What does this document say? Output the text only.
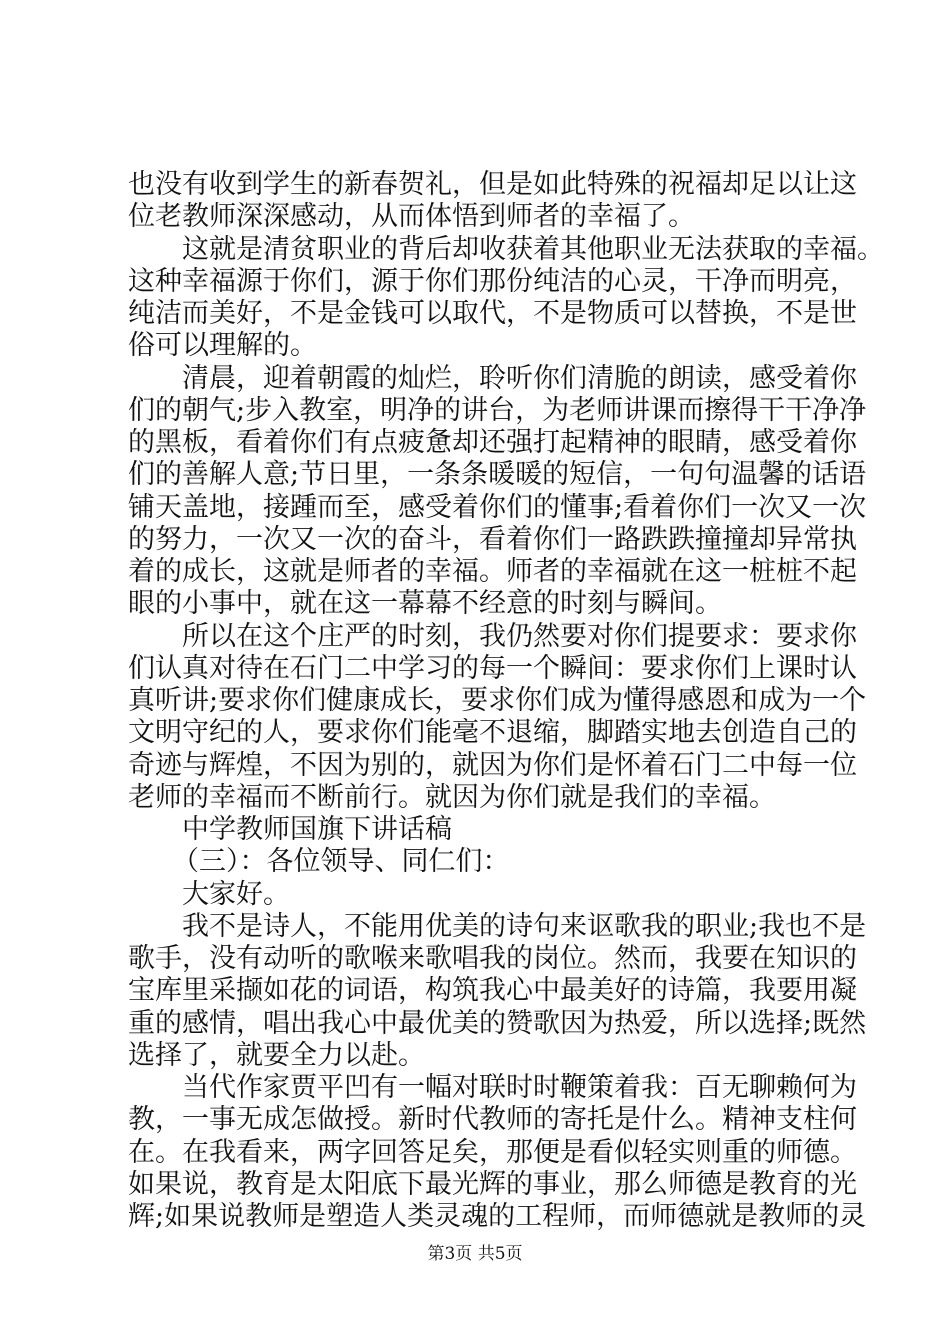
也没有收到学生的新春贺礼，但是如此特殊的祝福却足以让这
位老教师深深感动，从而体悟到师者的幸福了。
这就是清贫职业的背后却收获着其他职业无法获取的幸福。
这种幸福源于你们，源于你们那份纯洁的心灵，干净而明亮，
纯洁而美好，不是金钱可以取代，不是物质可以替换，不是世
俗可以理解的。
清晨，迎着朝霞的灿烂，聆听你们清脆的朗读，感受着你
们的朝气;步入教室，明净的讲台，为老师讲课而擦得干干净净
的黑板，看着你们有点疲惫却还强打起精神的眼睛，感受着你
们的善解人意;节日里，一条条暖暖的短信，一句句温馨的话语
铺天盖地，接踵而至，感受着你们的懂事;看着你们一次又一次
的努力，一次又一次的奋斗，看着你们一路跌跌撞撞却异常执
着的成长，这就是师者的幸福。师者的幸福就在这一桩桩不起
眼的小事中，就在这一幕幕不经意的时刻与瞬间。
所以在这个庄严的时刻，我仍然要对你们提要求：要求你
们认真对待在石门二中学习的每一个瞬间：要求你们上课时认
真听讲;要求你们健康成长，要求你们成为懂得感恩和成为一个
文明守纪的人，要求你们能毫不退缩，脚踏实地去创造自己的
奇迹与辉煌，不因为别的，就因为你们是怀着石门二中每一位
老师的幸福而不断前行。就因为你们就是我们的幸福。
中学教师国旗下讲话稿
（三）：各位领导、同仁们：
大家好。
我不是诗人，不能用优美的诗句来讴歌我的职业;我也不是
歌手，没有动听的歌喉来歌唱我的岗位。然而，我要在知识的
宝库里采撷如花的词语，构筑我心中最美好的诗篇，我要用凝
重的感情，唱出我心中最优美的赞歌因为热爱，所以选择;既然
选择了，就要全力以赴。
当代作家贾平凹有一幅对联时时鞭策着我：百无聊赖何为
教，一事无成怎做授。新时代教师的寄托是什么。精神支柱何
在。在我看来，两字回答足矣，那便是看似轻实则重的师德。
如果说，教育是太阳底下最光辉的事业，那么师德是教育的光
辉;如果说教师是塑造人类灵魂的工程师，而师德就是教师的灵
第3页 共5页
